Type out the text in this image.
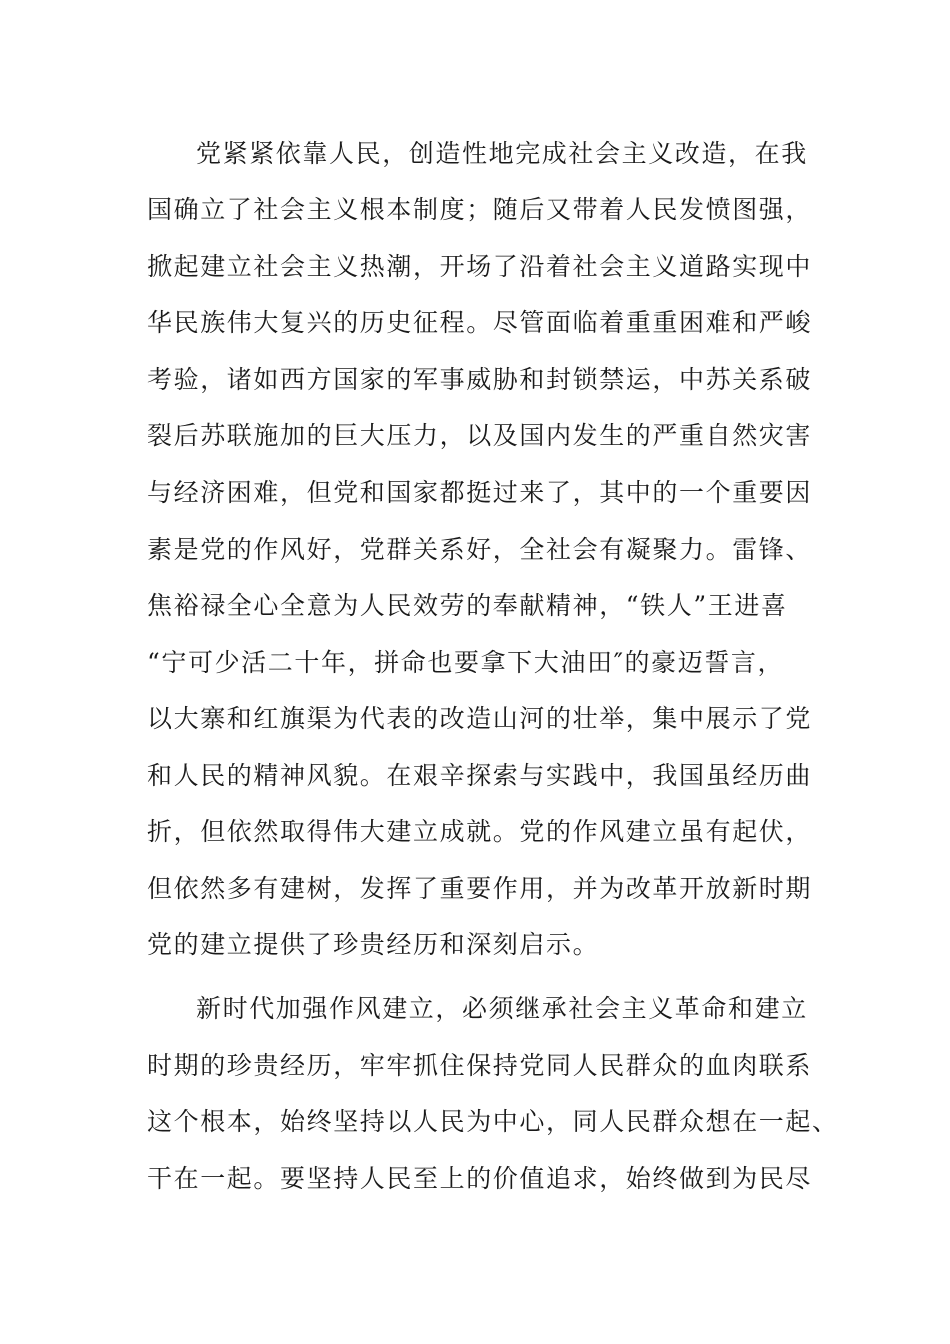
党紧紧依靠人民，创造性地完成社会主义改造，在我
国确立了社会主义根本制度；随后又带着人民发愤图强，
掀起建立社会主义热潮，开场了沿着社会主义道路实现中
华民族伟大复兴的历史征程。尽管面临着重重困难和严峻
考验，诸如西方国家的军事威胁和封锁禁运，中苏关系破
裂后苏联施加的巨大压力，以及国内发生的严重自然灾害
与经济困难，但党和国家都挺过来了，其中的一个重要因
素是党的作风好，党群关系好，全社会有凝聚力。雷锋、
焦裕禄全心全意为人民效劳的奉献精神，“铁人”王进喜
“宁可少活二十年，拼命也要拿下大油田″的豪迈誓言，
以大寨和红旗渠为代表的改造山河的壮举，集中展示了党
和人民的精神风貌。在艰辛探索与实践中，我国虽经历曲
折，但依然取得伟大建立成就。党的作风建立虽有起伏，
但依然多有建树，发挥了重要作用，并为改革开放新时期
党的建立提供了珍贵经历和深刻启示。
新时代加强作风建立，必须继承社会主义革命和建立
时期的珍贵经历，牢牢抓住保持党同人民群众的血肉联系
这个根本，始终坚持以人民为中心，同人民群众想在一起、
干在一起。要坚持人民至上的价值追求，始终做到为民尽
